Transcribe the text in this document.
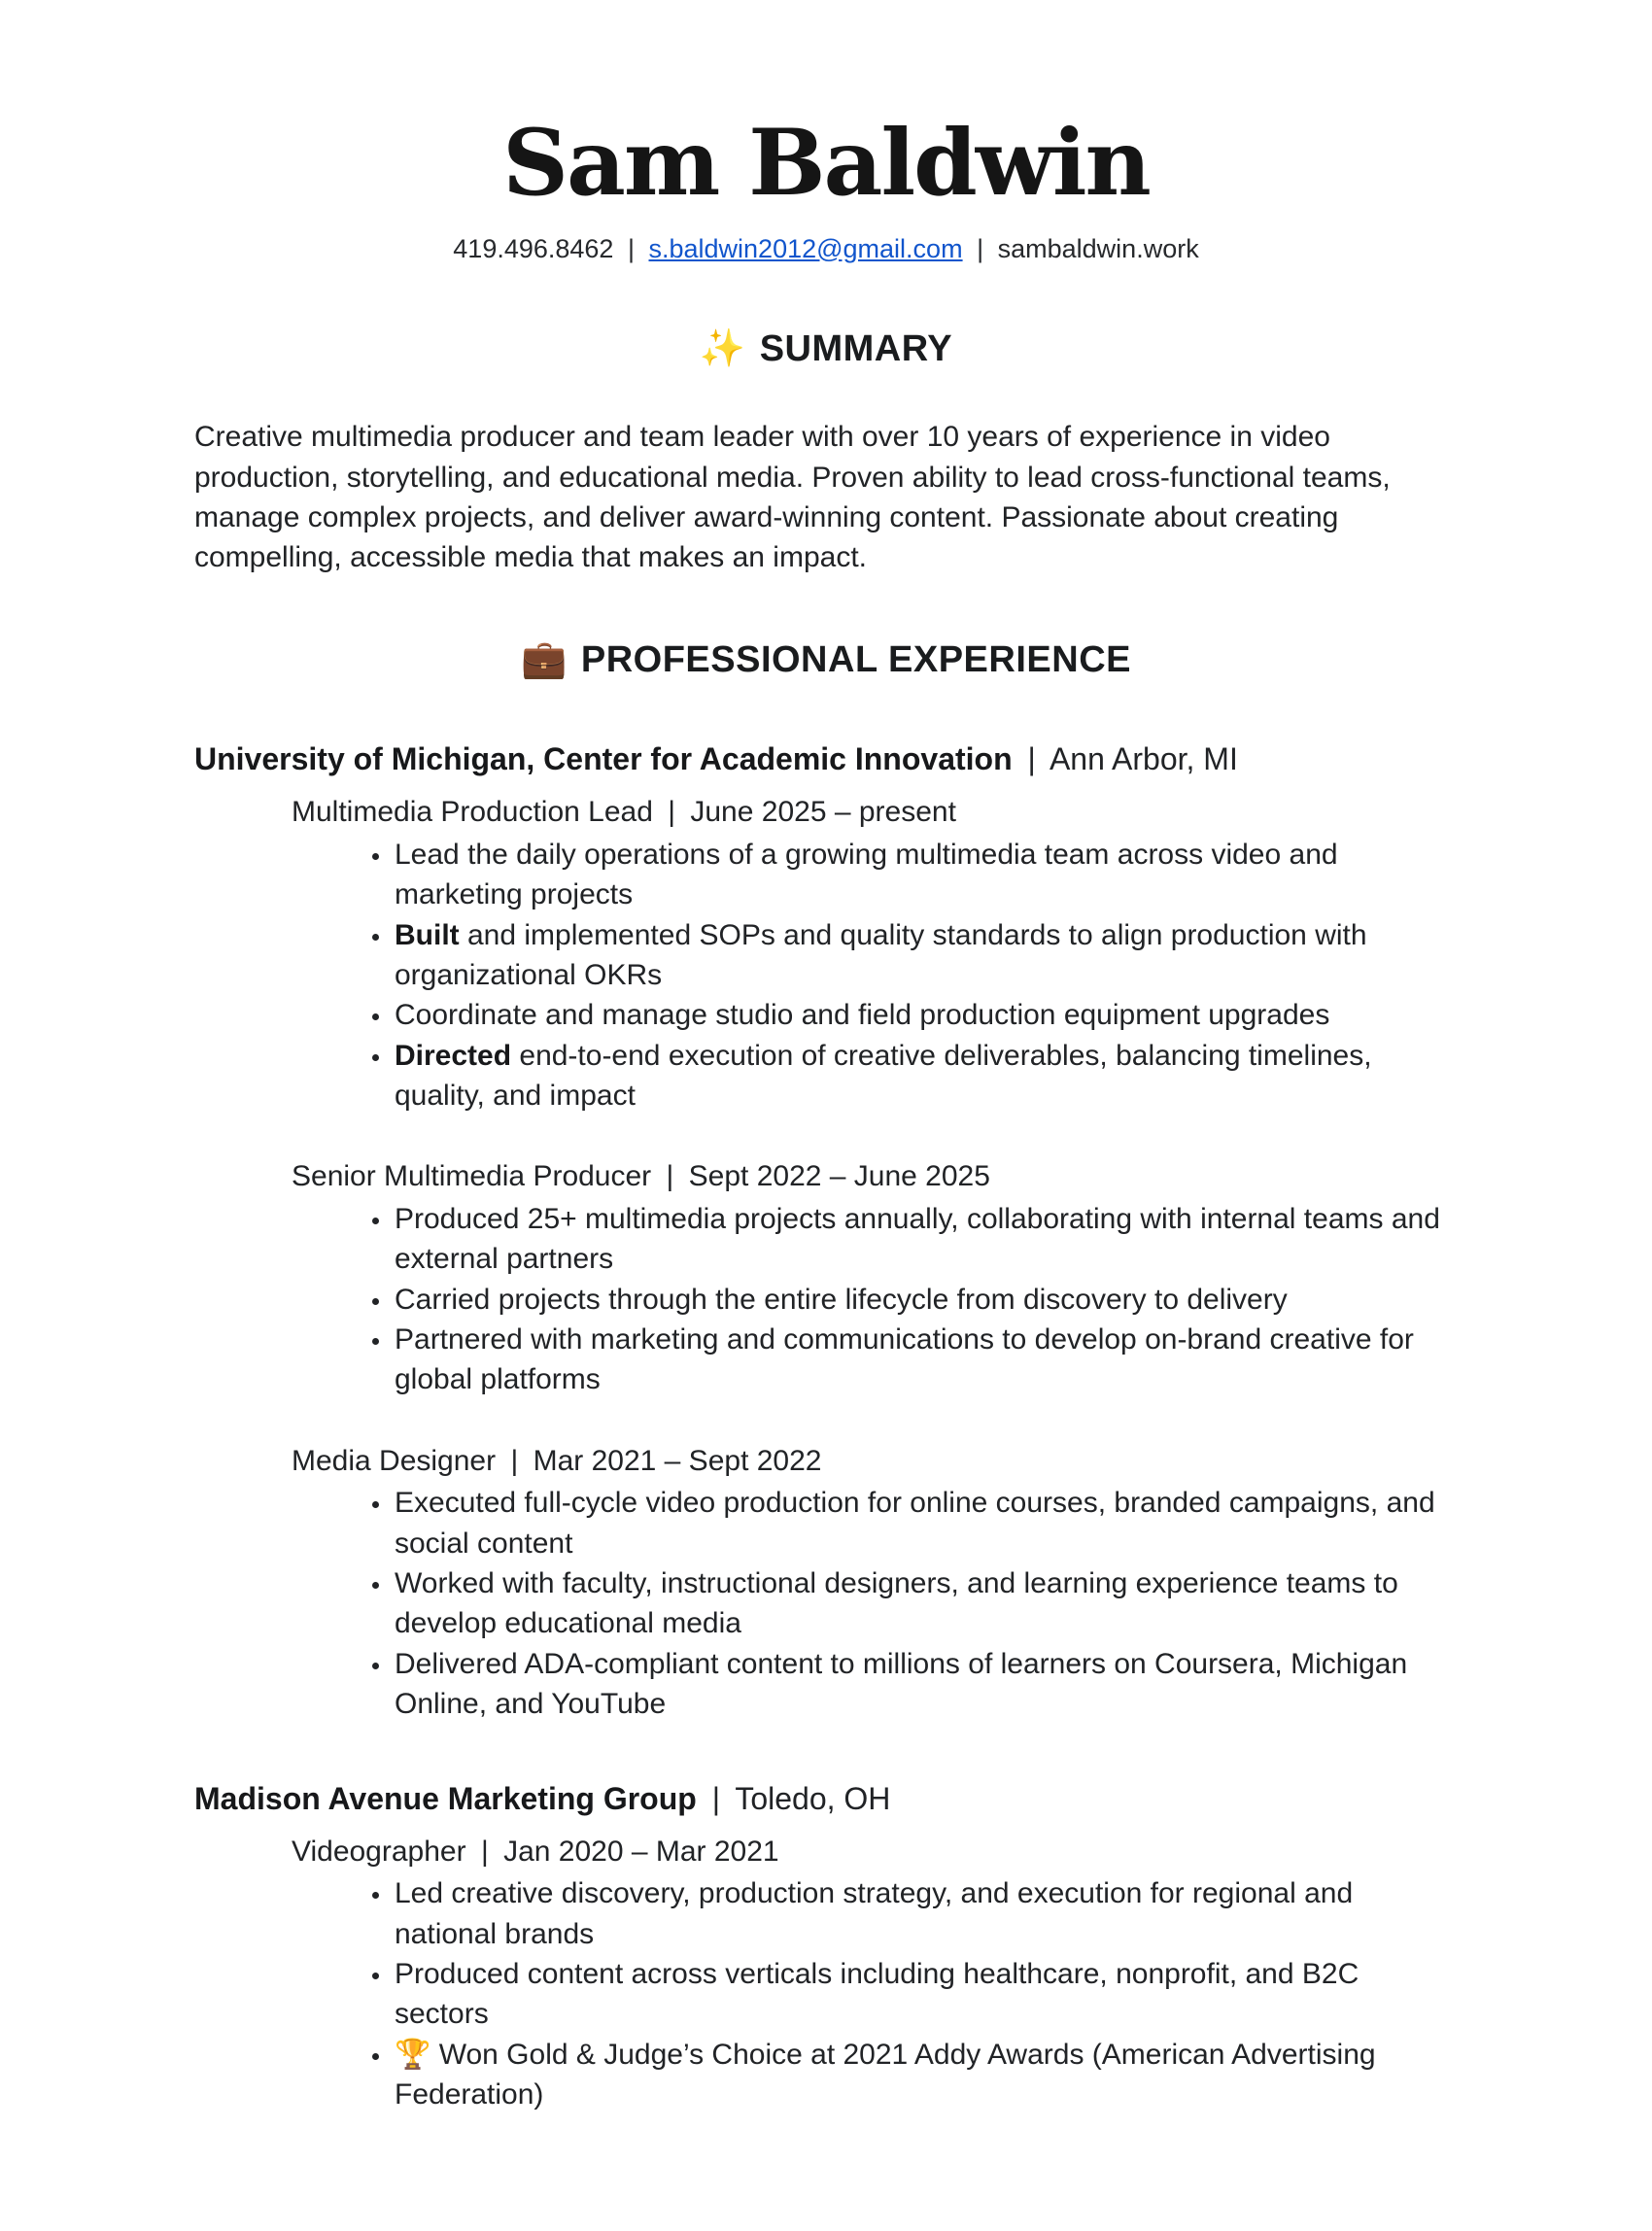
Sam Baldwin
419.496.8462 | s.baldwin2012@gmail.com | sambaldwin.work
✨ SUMMARY

Creative multimedia producer and team leader with over 10 years of experience in video production, storytelling, and educational media. Proven ability to lead cross-functional teams, manage complex projects, and deliver award-winning content. Passionate about creating compelling, accessible media that makes an impact.

💼 PROFESSIONAL EXPERIENCE
University of Michigan, Center for Academic Innovation | Ann Arbor, MI
Multimedia Production Lead | June 2025 – present
• Lead the daily operations of a growing multimedia team across video and marketing projects
• Built and implemented SOPs and quality standards to align production with organizational OKRs
• Coordinate and manage studio and field production equipment upgrades
• Directed end-to-end execution of creative deliverables, balancing timelines, quality, and impact
Senior Multimedia Producer | Sept 2022 – June 2025
• Produced 25+ multimedia projects annually, collaborating with internal teams and external partners
• Carried projects through the entire lifecycle from discovery to delivery
• Partnered with marketing and communications to develop on-brand creative for global platforms
Media Designer | Mar 2021 – Sept 2022
• Executed full-cycle video production for online courses, branded campaigns, and social content
• Worked with faculty, instructional designers, and learning experience teams to develop educational media
• Delivered ADA-compliant content to millions of learners on Coursera, Michigan Online, and YouTube
Madison Avenue Marketing Group | Toledo, OH
Videographer | Jan 2020 – Mar 2021
• Led creative discovery, production strategy, and execution for regional and national brands
• Produced content across verticals including healthcare, nonprofit, and B2C sectors
• 🏆 Won Gold & Judge’s Choice at 2021 Addy Awards (American Advertising Federation)
